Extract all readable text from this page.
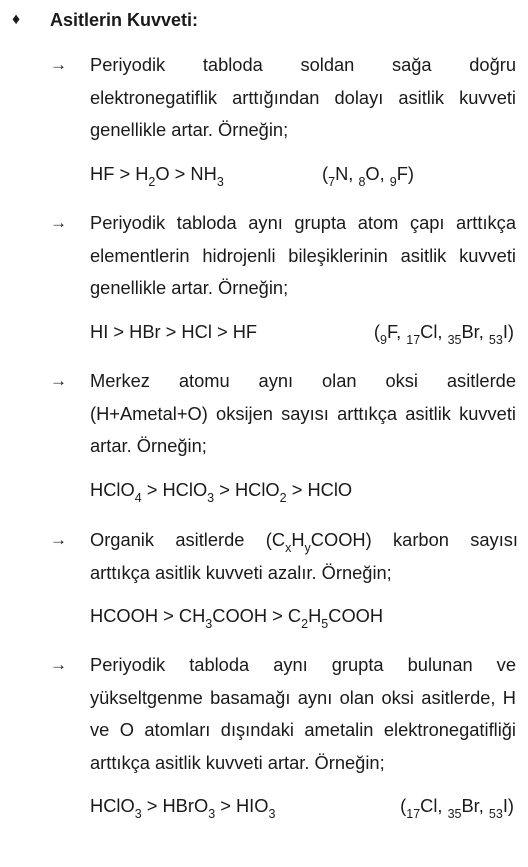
♦	Asitlerin Kuvveti:
→ Periyodik tabloda soldan sağa doğru elektronegatiflik arttığından dolayı asitlik kuvveti genellikle artar. Örneğin;
HF > $H_2O > NH_3$	($_7N$, $_8$O, $_9$F)
→ Periyodik tabloda aynı grupta atom çapı arttıkça elementlerin hidrojenli bileşiklerinin asitlik kuvveti genellikle artar. Örneğin;
HI > HBr > HCl > HF	($_9F$, $_{17}$Cl, $_{35}$Br, $_{53}$I)
→ Merkez atomu aynı olan oksi asitlerde (H+Ametal+O) oksijen sayısı arttıkça asitlik kuvveti artar. Örneğin;
HClO$_4$ > HClO$_3$ > HClO$_2$ > HClO
→ Organik asitlerde $(C_xH_yCOOH)$ karbon sayısı arttıkça asitlik kuvveti azalır. Örneğin;
HCOOH > $CH_3COOH$ > $C_2H_5COOH$
→ Periyodik tabloda aynı grupta bulunan ve yükseltgenme basamağı aynı olan oksi asitlerde, H ve O atomları dışındaki ametalin elektronegatifliği arttıkça asitlik kuvveti artar. Örneğin;
HClO$_3$ > HBrO$_3$ > $HIO_3$	($_{17}Cl$, $_{35}$Br, $_{53}$I)
